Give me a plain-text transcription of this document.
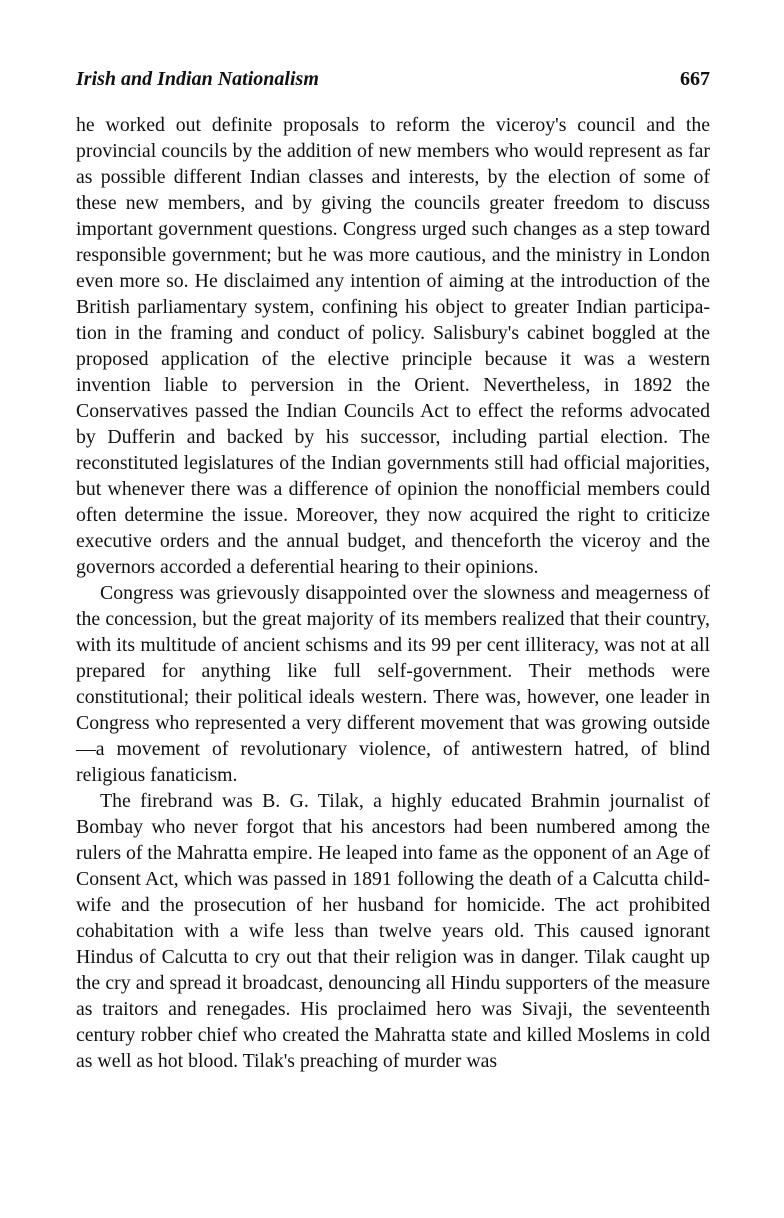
Irish and Indian Nationalism	667

he worked out definite proposals to reform the viceroy's council and the provincial councils by the addition of new members who would represent as far as possible different Indian classes and interests, by the election of some of these new members, and by giving the councils greater freedom to discuss important government questions. Congress urged such changes as a step toward responsible government; but he was more cautious, and the ministry in London even more so. He disclaimed any intention of aiming at the introduction of the British parliamentary system, confining his object to greater Indian participation in the framing and conduct of policy. Salisbury's cabinet boggled at the proposed application of the elective principle because it was a western invention liable to perversion in the Orient. Nevertheless, in 1892 the Conservatives passed the Indian Councils Act to effect the reforms advocated by Dufferin and backed by his successor, including partial election. The reconstituted legislatures of the Indian governments still had official majorities, but whenever there was a difference of opinion the nonofficial members could often determine the issue. Moreover, they now acquired the right to criticize executive orders and the annual budget, and thenceforth the viceroy and the governors accorded a deferential hearing to their opinions.

Congress was grievously disappointed over the slowness and meagerness of the concession, but the great majority of its members realized that their country, with its multitude of ancient schisms and its 99 per cent illiteracy, was not at all prepared for anything like full self-government. Their methods were constitutional; their political ideals western. There was, however, one leader in Congress who represented a very different movement that was growing outside—a movement of revolutionary violence, of antiwestern hatred, of blind religious fanaticism.

The firebrand was B. G. Tilak, a highly educated Brahmin journalist of Bombay who never forgot that his ancestors had been numbered among the rulers of the Mahratta empire. He leaped into fame as the opponent of an Age of Consent Act, which was passed in 1891 following the death of a Calcutta child-wife and the prosecution of her husband for homicide. The act prohibited cohabitation with a wife less than twelve years old. This caused ignorant Hindus of Calcutta to cry out that their religion was in danger. Tilak caught up the cry and spread it broadcast, denouncing all Hindu supporters of the measure as traitors and renegades. His proclaimed hero was Sivaji, the seventeenth century robber chief who created the Mahratta state and killed Moslems in cold as well as hot blood. Tilak's preaching of murder was
